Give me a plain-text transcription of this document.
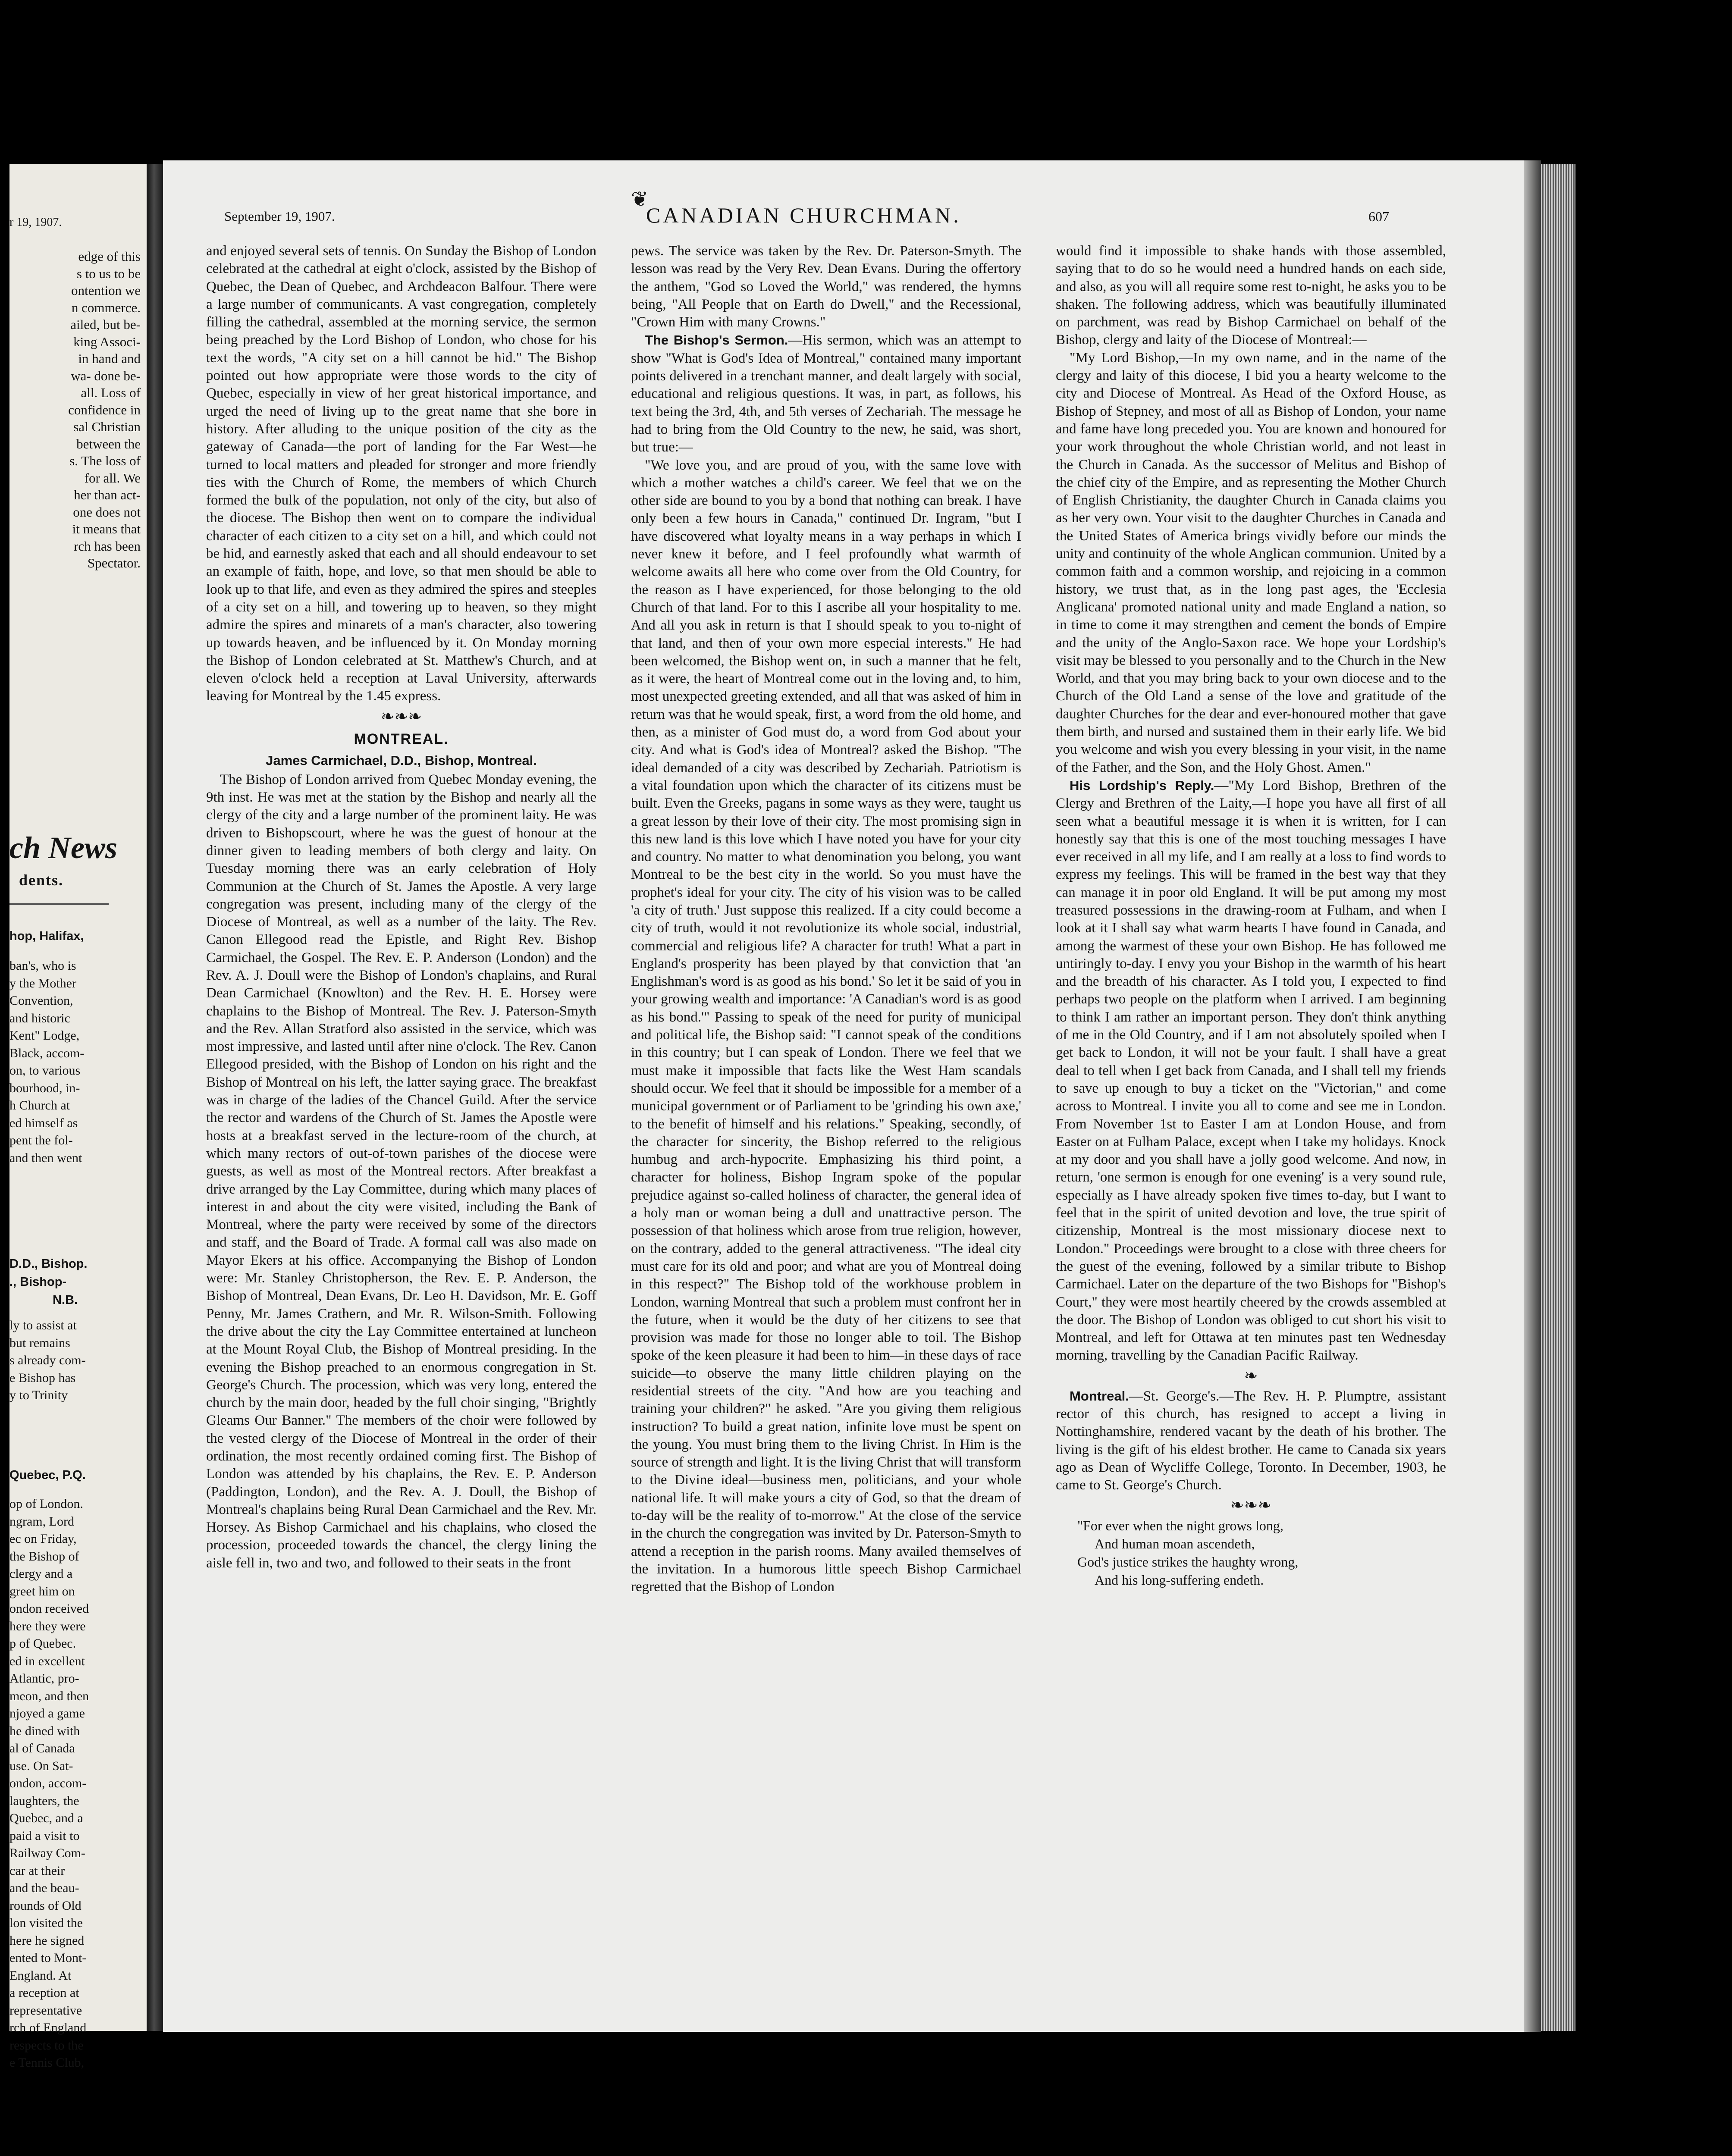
r 19, 1907.
edge of this
s to us to be
ontention we
n commerce.
ailed, but be-
king Associ-
in hand and
wa- done be-
all. Loss of
confidence in
sal Christian
between the
s. The loss of
for all. We
her than act-
one does not
it means that
rch has been
Spectator.
ch News
dents.
hop, Halifax,
ban's, who is
y the Mother
Convention,
and historic
Kent" Lodge,
Black, accom-
on, to various
bourhood, in-
h Church at
ed himself as
pent the fol-
and then went
D.D., Bishop.
., Bishop-
N.B.
ly to assist at
but remains
s already com-
e Bishop has
y to Trinity
Quebec, P.Q.
op of London.
ngram, Lord
ec on Friday,
the Bishop of
clergy and a
greet him on
ondon received
here they were
p of Quebec.
ed in excellent
Atlantic, pro-
meon, and then
njoyed a game
he dined with
al of Canada
use. On Sat-
ondon, accom-
laughters, the
Quebec, and a
paid a visit to
Railway Com-
car at their
and the beau-
rounds of Old
lon visited the
here he signed
ented to Mont-
England. At
a reception at
representative
rch of England
respects to the
e Tennis Club,
September 19, 1907.
❦
CANADIAN CHURCHMAN.	607

and enjoyed several sets of tennis. On Sunday the Bishop of London celebrated at the cathedral at eight o'clock, assisted by the Bishop of Quebec, the Dean of Quebec, and Archdeacon Balfour. There were a large number of communicants. A vast congregation, completely filling the cathedral, assembled at the morning service, the sermon being preached by the Lord Bishop of London, who chose for his text the words, "A city set on a hill cannot be hid." The Bishop pointed out how appropriate were those words to the city of Quebec, especially in view of her great historical importance, and urged the need of living up to the great name that she bore in history. After alluding to the unique position of the city as the gateway of Canada—the port of landing for the Far West—he turned to local matters and pleaded for stronger and more friendly ties with the Church of Rome, the members of which Church formed the bulk of the population, not only of the city, but also of the diocese. The Bishop then went on to compare the individual character of each citizen to a city set on a hill, and which could not be hid, and earnestly asked that each and all should endeavour to set an example of faith, hope, and love, so that men should be able to look up to that life, and even as they admired the spires and steeples of a city set on a hill, and towering up to heaven, so they might admire the spires and minarets of a man's character, also towering up towards heaven, and be influenced by it. On Monday morning the Bishop of London celebrated at St. Matthew's Church, and at eleven o'clock held a reception at Laval University, afterwards leaving for Montreal by the 1.45 express.

❧❧❧
MONTREAL.
James Carmichael, D.D., Bishop, Montreal.

The Bishop of London arrived from Quebec Monday evening, the 9th inst. He was met at the station by the Bishop and nearly all the clergy of the city and a large number of the prominent laity. He was driven to Bishopscourt, where he was the guest of honour at the dinner given to leading members of both clergy and laity. On Tuesday morning there was an early celebration of Holy Communion at the Church of St. James the Apostle. A very large congregation was present, including many of the clergy of the Diocese of Montreal, as well as a number of the laity. The Rev. Canon Ellegood read the Epistle, and Right Rev. Bishop Carmichael, the Gospel. The Rev. E. P. Anderson (London) and the Rev. A. J. Doull were the Bishop of London's chaplains, and Rural Dean Carmichael (Knowlton) and the Rev. H. E. Horsey were chaplains to the Bishop of Montreal. The Rev. J. Paterson-Smyth and the Rev. Allan Stratford also assisted in the service, which was most impressive, and lasted until after nine o'clock. The Rev. Canon Ellegood presided, with the Bishop of London on his right and the Bishop of Montreal on his left, the latter saying grace. The breakfast was in charge of the ladies of the Chancel Guild. After the service the rector and wardens of the Church of St. James the Apostle were hosts at a breakfast served in the lecture-room of the church, at which many rectors of out-of-town parishes of the diocese were guests, as well as most of the Montreal rectors. After breakfast a drive arranged by the Lay Committee, during which many places of interest in and about the city were visited, including the Bank of Montreal, where the party were received by some of the directors and staff, and the Board of Trade. A formal call was also made on Mayor Ekers at his office. Accompanying the Bishop of London were: Mr. Stanley Christopherson, the Rev. E. P. Anderson, the Bishop of Montreal, Dean Evans, Dr. Leo H. Davidson, Mr. E. Goff Penny, Mr. James Crathern, and Mr. R. Wilson-Smith. Following the drive about the city the Lay Committee entertained at luncheon at the Mount Royal Club, the Bishop of Montreal presiding. In the evening the Bishop preached to an enormous congregation in St. George's Church. The procession, which was very long, entered the church by the main door, headed by the full choir singing, "Brightly Gleams Our Banner." The members of the choir were followed by the vested clergy of the Diocese of Montreal in the order of their ordination, the most recently ordained coming first. The Bishop of London was attended by his chaplains, the Rev. E. P. Anderson (Paddington, London), and the Rev. A. J. Doull, the Bishop of Montreal's chaplains being Rural Dean Carmichael and the Rev. Mr. Horsey. As Bishop Carmichael and his chaplains, who closed the procession, proceeded towards the chancel, the clergy lining the aisle fell in, two and two, and followed to their seats in the front

pews. The service was taken by the Rev. Dr. Paterson-Smyth. The lesson was read by the Very Rev. Dean Evans. During the offertory the anthem, "God so Loved the World," was rendered, the hymns being, "All People that on Earth do Dwell," and the Recessional, "Crown Him with many Crowns."

The Bishop's Sermon.—His sermon, which was an attempt to show "What is God's Idea of Montreal," contained many important points delivered in a trenchant manner, and dealt largely with social, educational and religious questions. It was, in part, as follows, his text being the 3rd, 4th, and 5th verses of Zechariah. The message he had to bring from the Old Country to the new, he said, was short, but true:—

"We love you, and are proud of you, with the same love with which a mother watches a child's career. We feel that we on the other side are bound to you by a bond that nothing can break. I have only been a few hours in Canada," continued Dr. Ingram, "but I have discovered what loyalty means in a way perhaps in which I never knew it before, and I feel profoundly what warmth of welcome awaits all here who come over from the Old Country, for the reason as I have experienced, for those belonging to the old Church of that land. For to this I ascribe all your hospitality to me. And all you ask in return is that I should speak to you to-night of that land, and then of your own more especial interests." He had been welcomed, the Bishop went on, in such a manner that he felt, as it were, the heart of Montreal come out in the loving and, to him, most unexpected greeting extended, and all that was asked of him in return was that he would speak, first, a word from the old home, and then, as a minister of God must do, a word from God about your city. And what is God's idea of Montreal? asked the Bishop. "The ideal demanded of a city was described by Zechariah. Patriotism is a vital foundation upon which the character of its citizens must be built. Even the Greeks, pagans in some ways as they were, taught us a great lesson by their love of their city. The most promising sign in this new land is this love which I have noted you have for your city and country. No matter to what denomination you belong, you want Montreal to be the best city in the world. So you must have the prophet's ideal for your city. The city of his vision was to be called 'a city of truth.' Just suppose this realized. If a city could become a city of truth, would it not revolutionize its whole social, industrial, commercial and religious life? A character for truth! What a part in England's prosperity has been played by that conviction that 'an Englishman's word is as good as his bond.' So let it be said of you in your growing wealth and importance: 'A Canadian's word is as good as his bond.'" Passing to speak of the need for purity of municipal and political life, the Bishop said: "I cannot speak of the conditions in this country; but I can speak of London. There we feel that we must make it impossible that facts like the West Ham scandals should occur. We feel that it should be impossible for a member of a municipal government or of Parliament to be 'grinding his own axe,' to the benefit of himself and his relations." Speaking, secondly, of the character for sincerity, the Bishop referred to the religious humbug and arch-hypocrite. Emphasizing his third point, a character for holiness, Bishop Ingram spoke of the popular prejudice against so-called holiness of character, the general idea of a holy man or woman being a dull and unattractive person. The possession of that holiness which arose from true religion, however, on the contrary, added to the general attractiveness. "The ideal city must care for its old and poor; and what are you of Montreal doing in this respect?" The Bishop told of the workhouse problem in London, warning Montreal that such a problem must confront her in the future, when it would be the duty of her citizens to see that provision was made for those no longer able to toil. The Bishop spoke of the keen pleasure it had been to him—in these days of race suicide—to observe the many little children playing on the residential streets of the city. "And how are you teaching and training your children?" he asked. "Are you giving them religious instruction? To build a great nation, infinite love must be spent on the young. You must bring them to the living Christ. In Him is the source of strength and light. It is the living Christ that will transform to the Divine ideal—business men, politicians, and your whole national life. It will make yours a city of God, so that the dream of to-day will be the reality of to-morrow." At the close of the service in the church the congregation was invited by Dr. Paterson-Smyth to attend a reception in the parish rooms. Many availed themselves of the invitation. In a humorous little speech Bishop Carmichael regretted that the Bishop of London

would find it impossible to shake hands with those assembled, saying that to do so he would need a hundred hands on each side, and also, as you will all require some rest to-night, he asks you to be shaken. The following address, which was beautifully illuminated on parchment, was read by Bishop Carmichael on behalf of the Bishop, clergy and laity of the Diocese of Montreal:—

"My Lord Bishop,—In my own name, and in the name of the clergy and laity of this diocese, I bid you a hearty welcome to the city and Diocese of Montreal. As Head of the Oxford House, as Bishop of Stepney, and most of all as Bishop of London, your name and fame have long preceded you. You are known and honoured for your work throughout the whole Christian world, and not least in the Church in Canada. As the successor of Melitus and Bishop of the chief city of the Empire, and as representing the Mother Church of English Christianity, the daughter Church in Canada claims you as her very own. Your visit to the daughter Churches in Canada and the United States of America brings vividly before our minds the unity and continuity of the whole Anglican communion. United by a common faith and a common worship, and rejoicing in a common history, we trust that, as in the long past ages, the 'Ecclesia Anglicana' promoted national unity and made England a nation, so in time to come it may strengthen and cement the bonds of Empire and the unity of the Anglo-Saxon race. We hope your Lordship's visit may be blessed to you personally and to the Church in the New World, and that you may bring back to your own diocese and to the Church of the Old Land a sense of the love and gratitude of the daughter Churches for the dear and ever-honoured mother that gave them birth, and nursed and sustained them in their early life. We bid you welcome and wish you every blessing in your visit, in the name of the Father, and the Son, and the Holy Ghost. Amen."

His Lordship's Reply.—"My Lord Bishop, Brethren of the Clergy and Brethren of the Laity,—I hope you have all first of all seen what a beautiful message it is when it is written, for I can honestly say that this is one of the most touching messages I have ever received in all my life, and I am really at a loss to find words to express my feelings. This will be framed in the best way that they can manage it in poor old England. It will be put among my most treasured possessions in the drawing-room at Fulham, and when I look at it I shall say what warm hearts I have found in Canada, and among the warmest of these your own Bishop. He has followed me untiringly to-day. I envy you your Bishop in the warmth of his heart and the breadth of his character. As I told you, I expected to find perhaps two people on the platform when I arrived. I am beginning to think I am rather an important person. They don't think anything of me in the Old Country, and if I am not absolutely spoiled when I get back to London, it will not be your fault. I shall have a great deal to tell when I get back from Canada, and I shall tell my friends to save up enough to buy a ticket on the "Victorian," and come across to Montreal. I invite you all to come and see me in London. From November 1st to Easter I am at London House, and from Easter on at Fulham Palace, except when I take my holidays. Knock at my door and you shall have a jolly good welcome. And now, in return, 'one sermon is enough for one evening' is a very sound rule, especially as I have already spoken five times to-day, but I want to feel that in the spirit of united devotion and love, the true spirit of citizenship, Montreal is the most missionary diocese next to London." Proceedings were brought to a close with three cheers for the guest of the evening, followed by a similar tribute to Bishop Carmichael. Later on the departure of the two Bishops for "Bishop's Court," they were most heartily cheered by the crowds assembled at the door. The Bishop of London was obliged to cut short his visit to Montreal, and left for Ottawa at ten minutes past ten Wednesday morning, travelling by the Canadian Pacific Railway.

❧

Montreal.—St. George's.—The Rev. H. P. Plumptre, assistant rector of this church, has resigned to accept a living in Nottinghamshire, rendered vacant by the death of his brother. The living is the gift of his eldest brother. He came to Canada six years ago as Dean of Wycliffe College, Toronto. In December, 1903, he came to St. George's Church.

❧❧❧

"For ever when the night grows long,

And human moan ascendeth,

God's justice strikes the haughty wrong,

And his long-suffering endeth.
